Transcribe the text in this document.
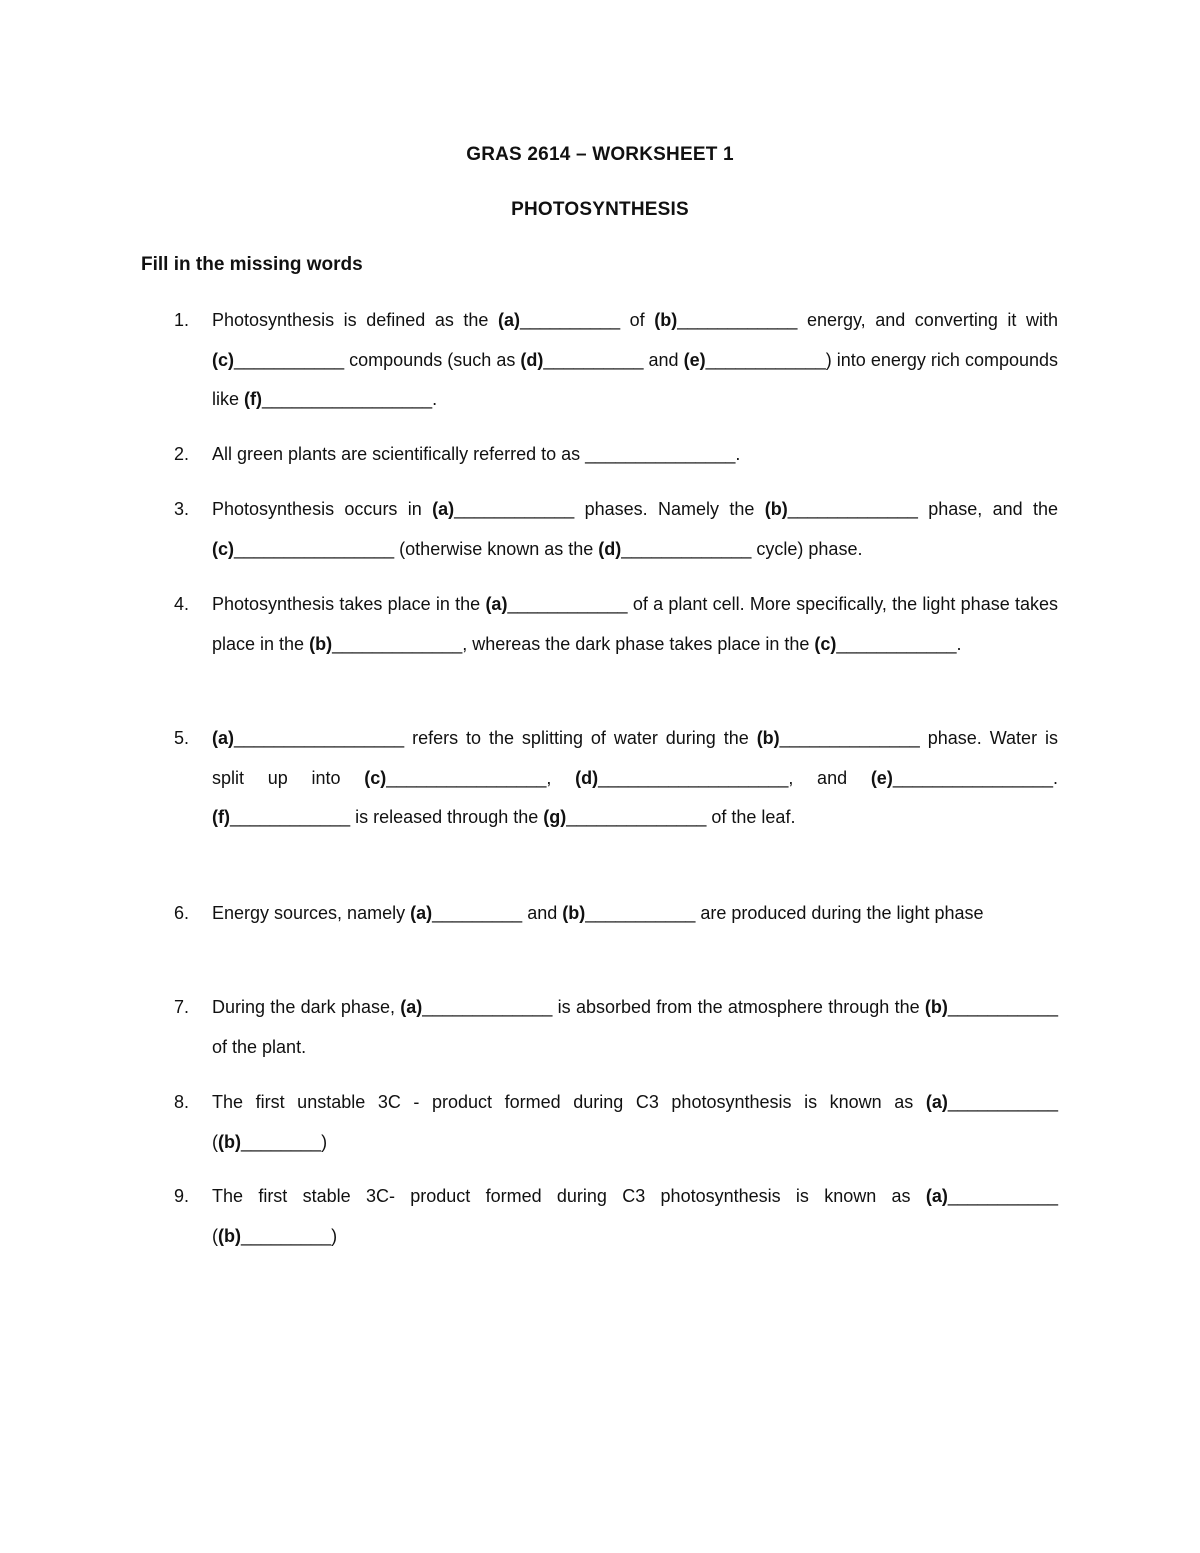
GRAS 2614 – WORKSHEET 1
PHOTOSYNTHESIS
Fill in the missing words
1.	Photosynthesis is defined as the (a)__________ of (b)____________ energy, and converting it with (c)___________ compounds (such as (d)__________ and (e)____________) into energy rich compounds like (f)_________________.
2.	All green plants are scientifically referred to as _______________.
3.	Photosynthesis occurs in (a)____________ phases. Namely the (b)_____________ phase, and the (c)________________ (otherwise known as the (d)_____________ cycle) phase.
4.	Photosynthesis takes place in the (a)____________ of a plant cell. More specifically, the light phase takes place in the (b)_____________, whereas the dark phase takes place in the (c)____________.
5.	(a)_________________ refers to the splitting of water during the (b)______________ phase. Water is split up into (c)________________, (d)___________________, and (e)________________. (f)____________ is released through the (g)______________ of the leaf.
6.	Energy sources, namely (a)_________ and (b)___________ are produced during the light phase
7.	During the dark phase, (a)_____________ is absorbed from the atmosphere through the (b)___________ of the plant.
8.	The first unstable 3C - product formed during C3 photosynthesis is known as (a)___________ ((b)________)
9.	The first stable 3C- product formed during C3 photosynthesis is known as (a)___________ ((b)_________)
